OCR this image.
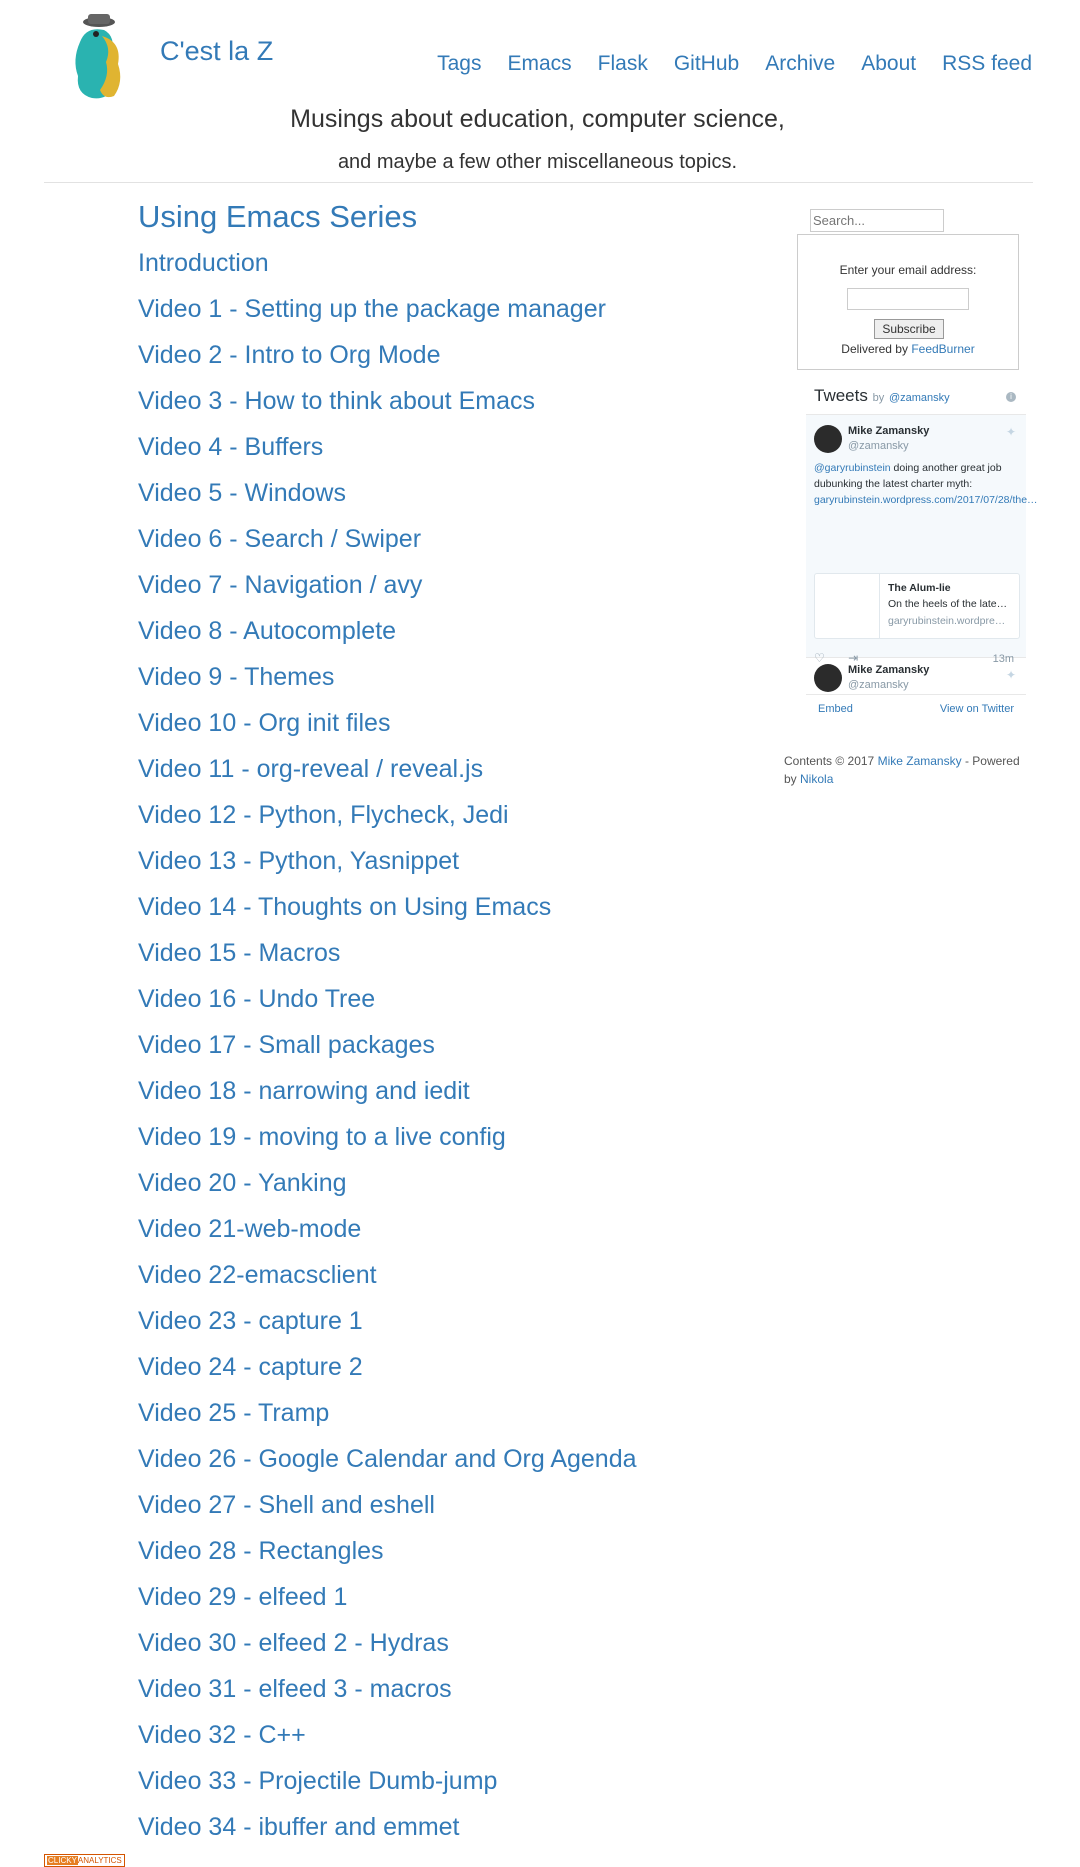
C'est la Z	Tags Emacs Flask GitHub Archive About RSS feed
Musings about education, computer science,
and maybe a few other miscellaneous topics.
Using Emacs Series
Introduction
Video 1 - Setting up the package manager
Video 2 - Intro to Org Mode
Video 3 - How to think about Emacs
Video 4 - Buffers
Video 5 - Windows
Video 6 - Search / Swiper
Video 7 - Navigation / avy
Video 8 - Autocomplete
Video 9 - Themes
Video 10 - Org init files
Video 11 - org-reveal / reveal.js
Video 12 - Python, Flycheck, Jedi
Video 13 - Python, Yasnippet
Video 14 - Thoughts on Using Emacs
Video 15 - Macros
Video 16 - Undo Tree
Video 17 - Small packages
Video 18 - narrowing and iedit
Video 19 - moving to a live config
Video 20 - Yanking
Video 21-web-mode
Video 22-emacsclient
Video 23 - capture 1
Video 24 - capture 2
Video 25 - Tramp
Video 26 - Google Calendar and Org Agenda
Video 27 - Shell and eshell
Video 28 - Rectangles
Video 29 - elfeed 1
Video 30 - elfeed 2 - Hydras
Video 31 - elfeed 3 - macros
Video 32 - C++
Video 33 - Projectile Dumb-jump
Video 34 - ibuffer and emmet
Search...
Enter your email address:
Subscribe
Delivered by FeedBurner
Tweets by @zamansky	i
Mike Zamansky
@zamansky
✦
@garyrubinstein doing another great job dubunking the latest charter myth: garyrubinstein.wordpress.com/2017/07/28/the…
The Alum-lie
On the heels of the late…
garyrubinstein.wordpre…
♡ ⇥	13m
Mike Zamansky
@zamansky
✦
Embed	View on Twitter
Contents © 2017 Mike Zamansky - Powered by Nikola
CLICKYANALYTICS
